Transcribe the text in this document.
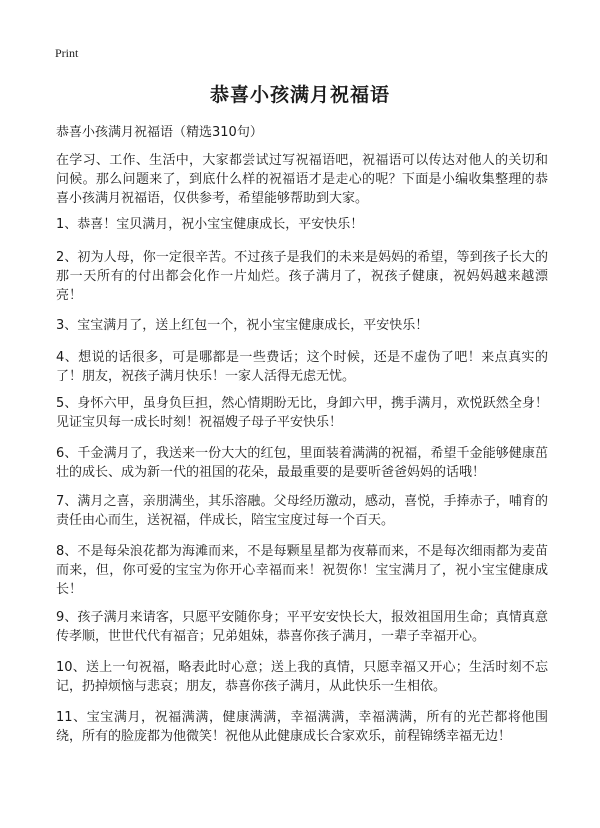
Print
恭喜小孩满月祝福语

恭喜小孩满月祝福语（精选310句）

在学习、工作、生活中，大家都尝试过写祝福语吧，祝福语可以传达对他人的关切和问候。那么问题来了，到底什么样的祝福语才是走心的呢？下面是小编收集整理的恭喜小孩满月祝福语，仅供参考，希望能够帮助到大家。

1、恭喜！宝贝满月，祝小宝宝健康成长，平安快乐！

2、初为人母，你一定很辛苦。不过孩子是我们的未来是妈妈的希望，等到孩子长大的那一天所有的付出都会化作一片灿烂。孩子满月了，祝孩子健康，祝妈妈越来越漂亮！

3、宝宝满月了，送上红包一个，祝小宝宝健康成长，平安快乐！

4、想说的话很多，可是哪都是一些费话；这个时候，还是不虚伪了吧！来点真实的了！朋友，祝孩子满月快乐！一家人活得无虑无忧。

5、身怀六甲，虽身负巨担，然心情期盼无比，身卸六甲，携手满月，欢悦跃然全身！见证宝贝每一成长时刻！祝福嫂子母子平安快乐！

6、千金满月了，我送来一份大大的红包，里面装着满满的祝福，希望千金能够健康茁壮的成长、成为新一代的祖国的花朵，最最重要的是要听爸爸妈妈的话哦！

7、满月之喜，亲朋满坐，其乐溶融。父母经历激动，感动，喜悦，手捧赤子，哺育的责任由心而生，送祝福，伴成长，陪宝宝度过每一个百天。

8、不是每朵浪花都为海滩而来，不是每颗星星都为夜幕而来，不是每次细雨都为麦苗而来，但，你可爱的宝宝为你开心幸福而来！祝贺你！宝宝满月了，祝小宝宝健康成长！

9、孩子满月来请客，只愿平安随你身；平平安安快长大，报效祖国用生命；真情真意传孝顺，世世代代有福音；兄弟姐妹，恭喜你孩子满月，一辈子幸福开心。

10、送上一句祝福，略表此时心意；送上我的真情，只愿幸福又开心；生活时刻不忘记，扔掉烦恼与悲哀；朋友，恭喜你孩子满月，从此快乐一生相依。

11、宝宝满月，祝福满满，健康满满，幸福满满，幸福满满，所有的光芒都将他围绕，所有的脸庞都为他微笑！祝他从此健康成长合家欢乐，前程锦绣幸福无边！
